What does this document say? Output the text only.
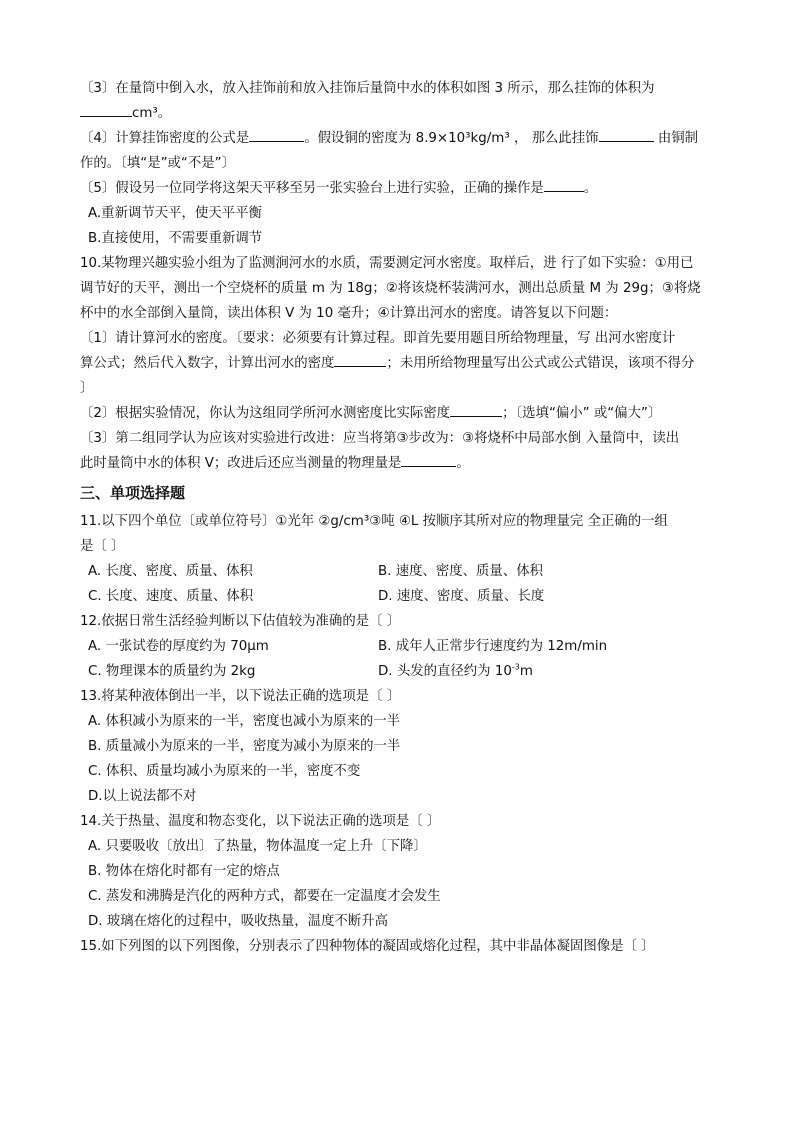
〔3〕在量筒中倒入水，放入挂饰前和放入挂饰后量筒中水的体积如图 3 所示，那么挂饰的体积为

cm³。

〔4〕计算挂饰密度的公式是	。假设铜的密度为 8.9×10³kg/m³ ， 那么此挂饰	由铜制

作的。〔填“是”或“不是”〕

〔5〕假设另一位同学将这架天平移至另一张实验台上进行实验，正确的操作是	。

A.重新调节天平，使天平平衡

B.直接使用，不需要重新调节

10.某物理兴趣实验小组为了监测涧河水的水质，需要测定河水密度。取样后，进 行了如下实验：①用已

调节好的天平，测出一个空烧杯的质量 m 为 18g；②将该烧杯装满河水，测出总质量 M 为 29g；③将烧

杯中的水全部倒入量筒，读出体积 V 为 10 毫升；④计算出河水的密度。请答复以下问题：

〔1〕请计算河水的密度。〔要求：必须要有计算过程。即首先要用题目所给物理量，写 出河水密度计

算公式；然后代入数字，计算出河水的密度	；未用所给物理量写出公式或公式错误，该项不得分

〕

〔2〕根据实验情况，你认为这组同学所河水测密度比实际密度	；〔选填“偏小” 或“偏大”〕

〔3〕第二组同学认为应该对实验进行改进：应当将第③步改为：③将烧杯中局部水倒 入量筒中，读出

此时量筒中水的体积 V；改进后还应当测量的物理量是	。

三、单项选择题

11.以下四个单位〔或单位符号〕①光年 ②g/cm³③吨 ④L 按顺序其所对应的物理量完 全正确的一组

是〔 〕

A. 长度、密度、质量、体积	B. 速度、密度、质量、体积
C. 长度、速度、质量、体积	D. 速度、密度、质量、长度

12.依据日常生活经验判断以下估值较为准确的是〔 〕

A. 一张试卷的厚度约为 70μm	B. 成年人正常步行速度约为 12m/min
C. 物理课本的质量约为 2kg	D. 头发的直径约为 $10^{-3}m$

13.将某种液体倒出一半，以下说法正确的选项是〔 〕

A. 体积减小为原来的一半，密度也减小为原来的一半

B. 质量减小为原来的一半，密度为减小为原来的一半

C. 体积、质量均减小为原来的一半，密度不变

D.以上说法都不对

14.关于热量、温度和物态变化，以下说法正确的选项是〔 〕

A. 只要吸收〔放出〕了热量，物体温度一定上升〔下降〕

B. 物体在熔化时都有一定的熔点

C. 蒸发和沸腾是汽化的两种方式，都要在一定温度才会发生

D. 玻璃在熔化的过程中，吸收热量，温度不断升高

15.如下列图的以下列图像，分别表示了四种物体的凝固或熔化过程，其中非晶体凝固图像是〔 〕
